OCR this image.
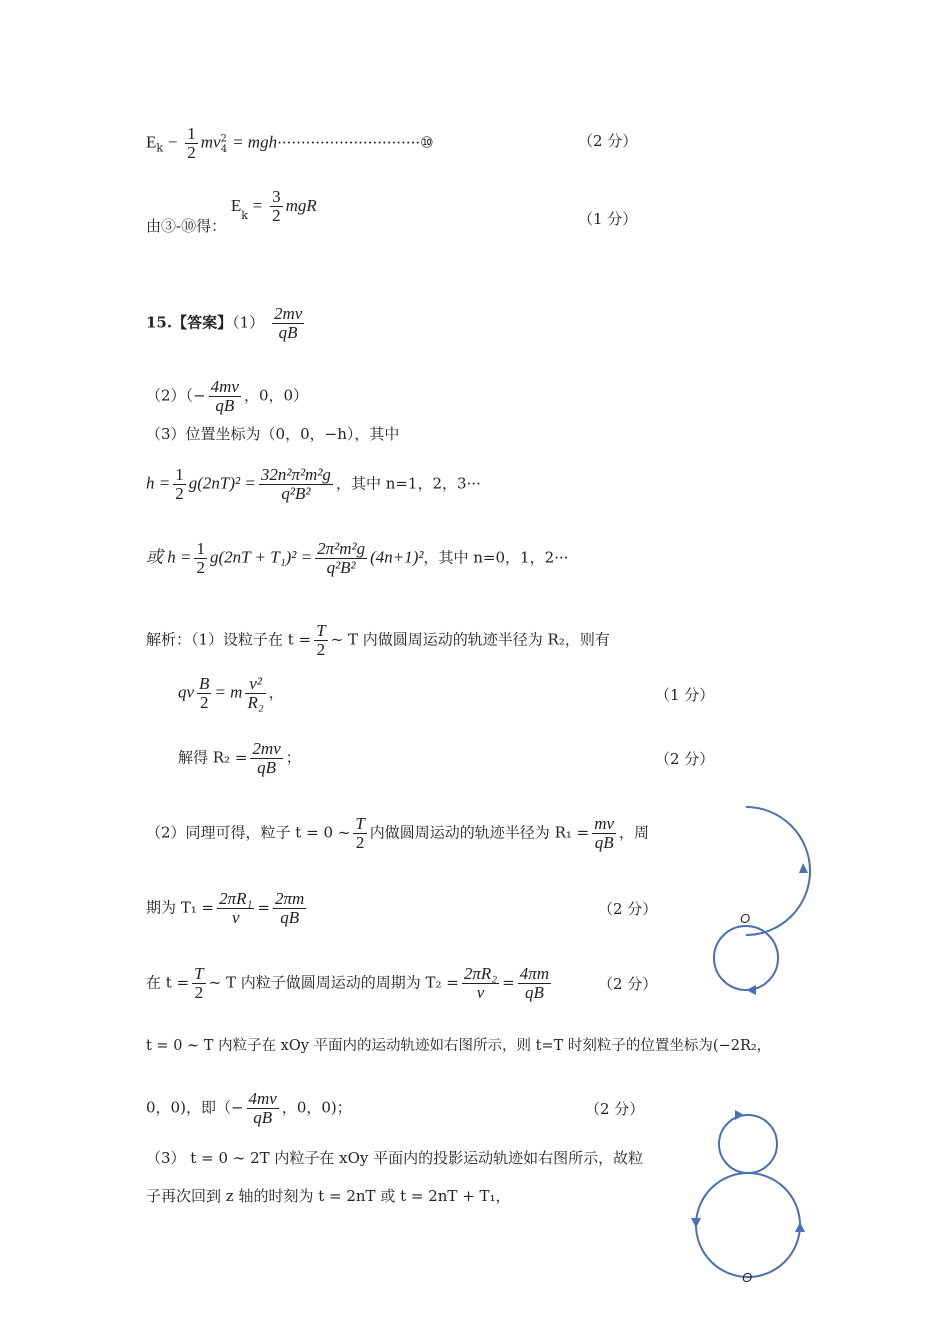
$E_k - \frac{1}{2} mv^2_4$ = mgh······························⑩	（2 分）
由③-⑩得： $E_k = \frac{3}{2}$ mgR
（1 分）
15.【答案】$(1) \frac{2mv}{qB}$
$(2)(- \frac{4mv}{qB}$ ，0，0）
（3）位置坐标为（0，0，−h），其中
$h = \frac{1}{2} g(2nT)^2 = \frac{\text{32n²π²m²g}}{\text{q²B²}}$ ，其中 n=1，2，3···
或 $h = \frac{1}{2} g(2nT + T_1)^2 = \frac{\text{2π²m²g}}{\text{q²B²}} (4n+1)^2$，其中 n=0，1，2···
解析：（1）设粒子在 $t = \frac{T}{2}$ ~ T 内做圆周运动的轨迹半径为 R₂，则有
qv $\frac{B}{2} = m \frac{\text{v²}}{\text{R₂}}$ ，	（1 分）
解得 $R_2 = \frac{2mv}{qB}$ ；	（2 分）
（2）同理可得，粒子 t = 0 ~ $\frac{T}{2}$ 内做圆周运动的轨迹半径为 $R_1 = \frac{mv}{qB}$ ，周
期为 $T_1 = \frac{\text{2πR₁}}{v} = \frac{2\pi m}{qB}$	（2 分）
在 $t = \frac{T}{2}$ ~ T 内粒子做圆周运动的周期为 $T_2 = \frac{\text{2πR₂}}{v} = \frac{4\pi m}{qB}$	（2 分）
t = 0 ~ T 内粒子在 xOy 平面内的运动轨迹如右图所示，则 t=T 时刻粒子的位置坐标为(−2R₂，
0，0)，即（− $\frac{4mv}{qB}$ ，0，0)；	（2 分）
（3） t = 0 ~ 2T 内粒子在 xOy 平面内的投影运动轨迹如右图所示，故粒
子再次回到 z 轴的时刻为 t = 2nT 或 t = 2nT + T₁，
O
O
